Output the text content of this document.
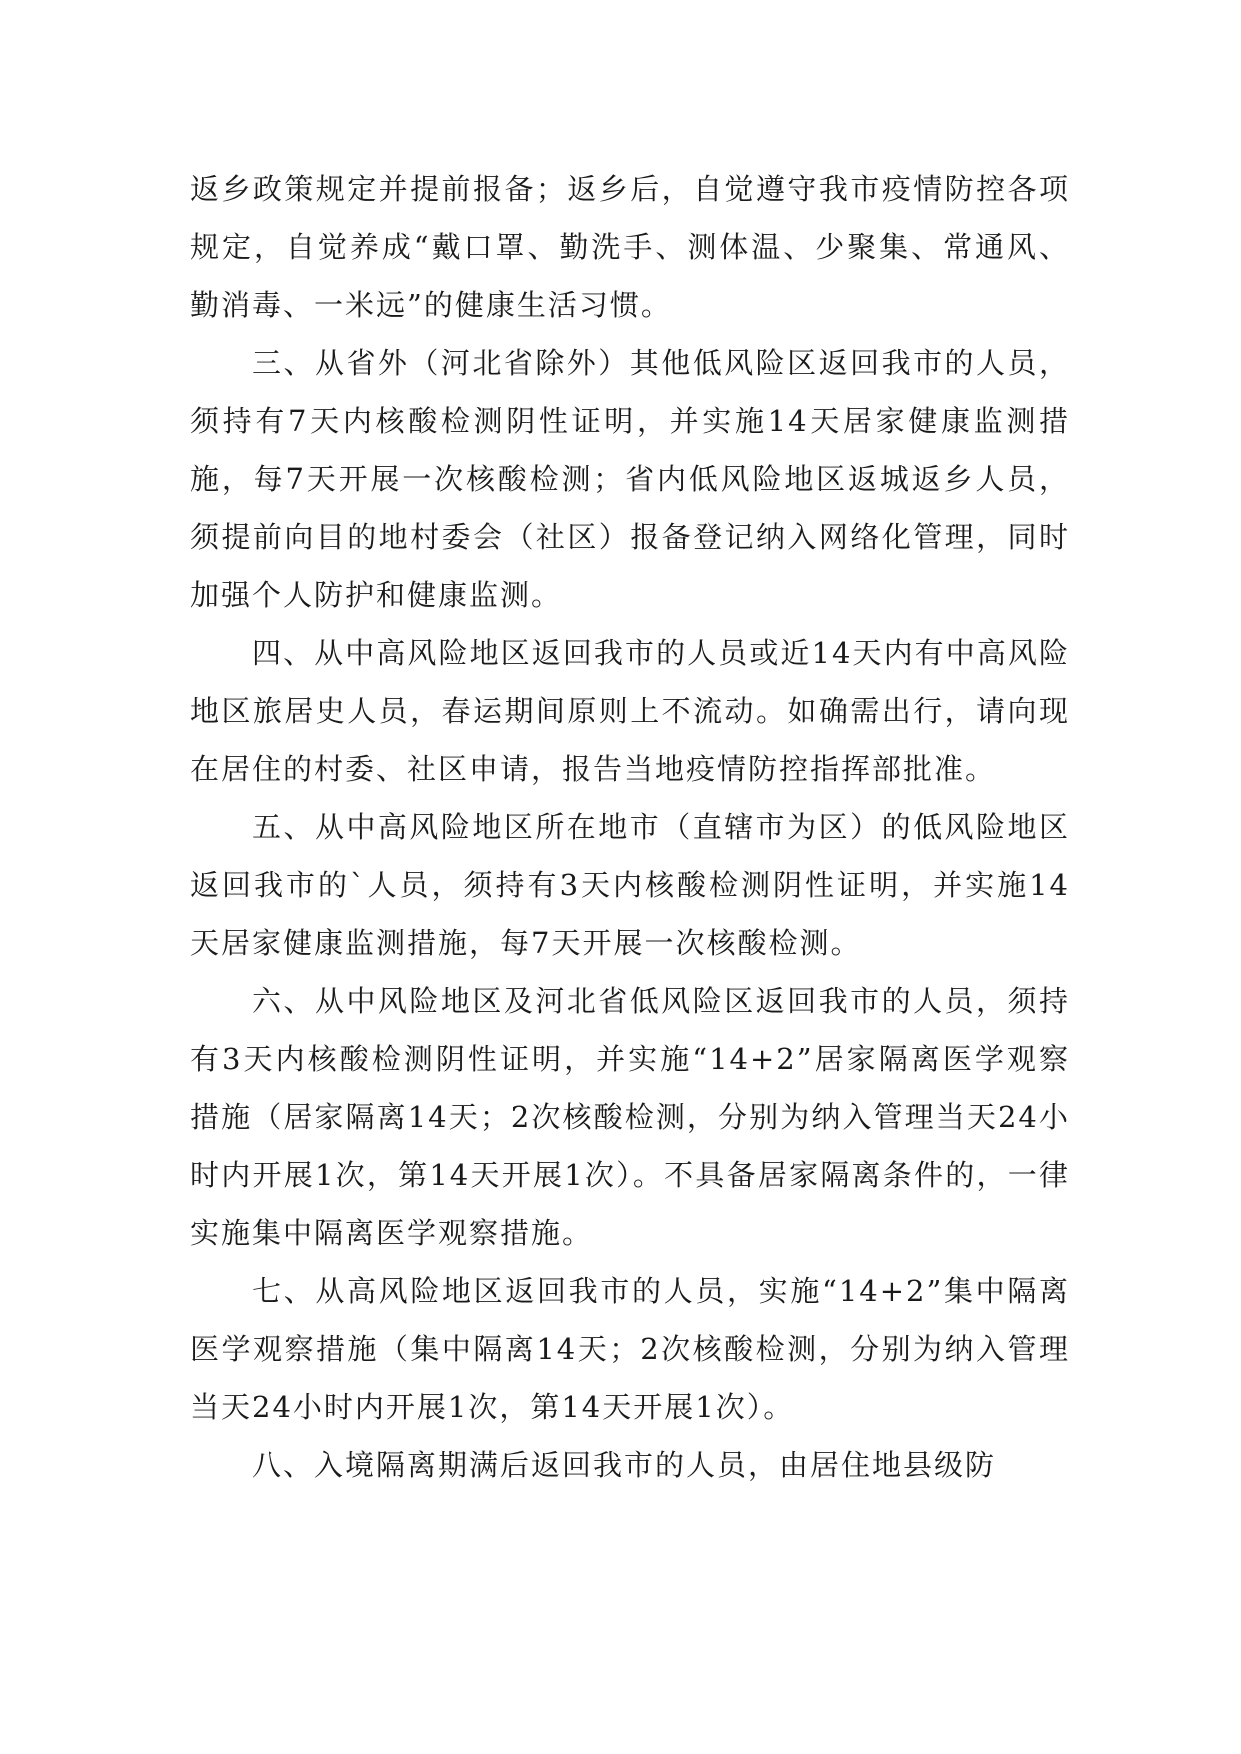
返乡政策规定并提前报备；返乡后，自觉遵守我市疫情防控各项规定，自觉养成“戴口罩、勤洗手、测体温、少聚集、常通风、勤消毒、一米远”的健康生活习惯。

三、从省外（河北省除外）其他低风险区返回我市的人员，须持有7天内核酸检测阴性证明，并实施14天居家健康监测措施，每7天开展一次核酸检测；省内低风险地区返城返乡人员，须提前向目的地村委会（社区）报备登记纳入网络化管理，同时加强个人防护和健康监测。

四、从中高风险地区返回我市的人员或近14天内有中高风险地区旅居史人员，春运期间原则上不流动。如确需出行，请向现在居住的村委、社区申请，报告当地疫情防控指挥部批准。

五、从中高风险地区所在地市（直辖市为区）的低风险地区返回我市的`人员，须持有3天内核酸检测阴性证明，并实施14天居家健康监测措施，每7天开展一次核酸检测。

六、从中风险地区及河北省低风险区返回我市的人员，须持有3天内核酸检测阴性证明，并实施“14+2”居家隔离医学观察措施（居家隔离14天；2次核酸检测，分别为纳入管理当天24小时内开展1次，第14天开展1次）。不具备居家隔离条件的，一律实施集中隔离医学观察措施。

七、从高风险地区返回我市的人员，实施“14+2”集中隔离医学观察措施（集中隔离14天；2次核酸检测，分别为纳入管理当天24小时内开展1次，第14天开展1次）。

八、入境隔离期满后返回我市的人员，由居住地县级防
